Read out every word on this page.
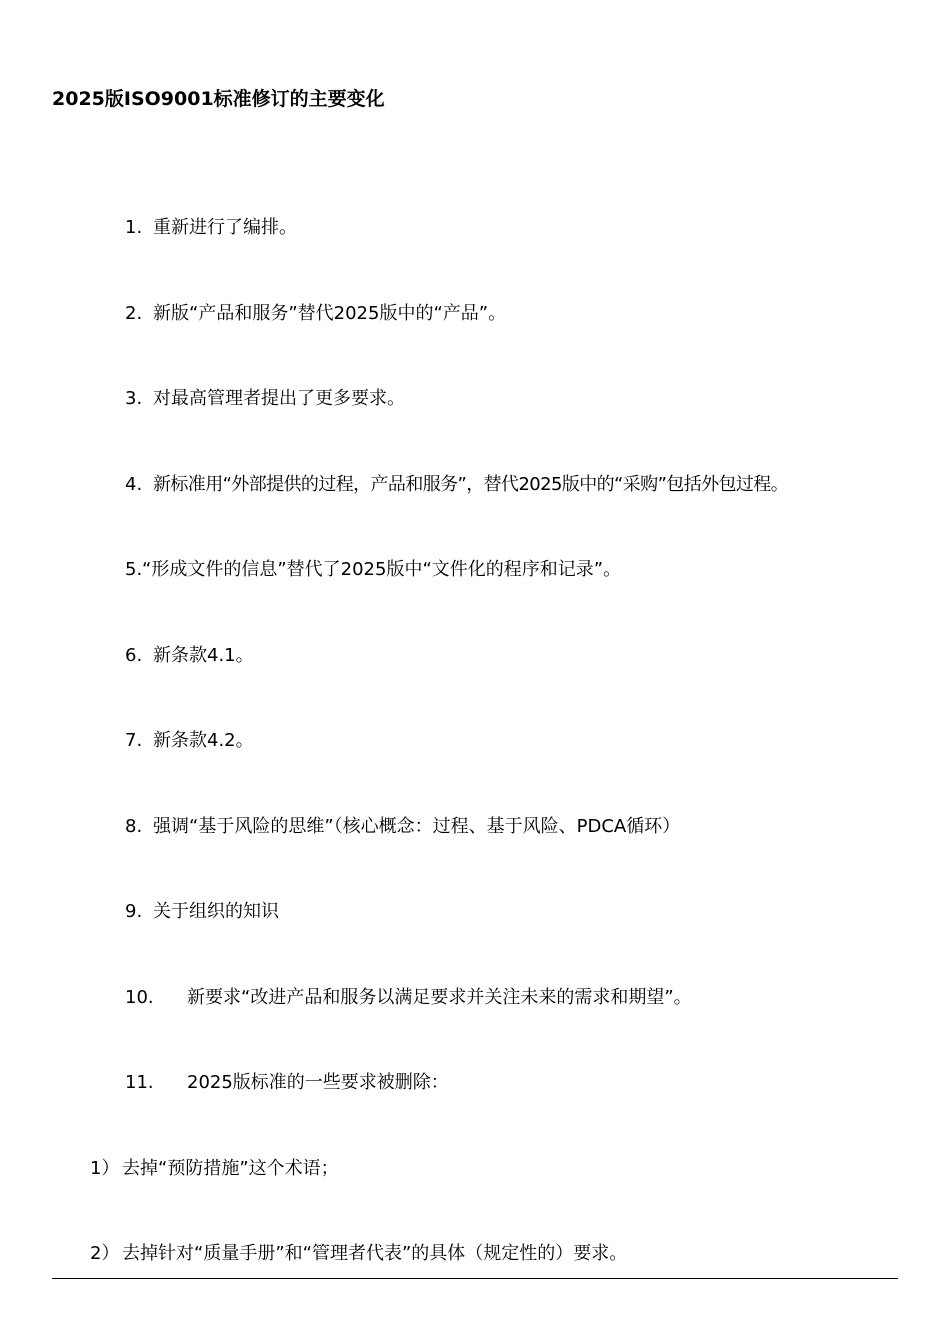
2025版ISO9001标准修订的主要变化
1. 重新进行了编排。
2. 新版“产品和服务”替代2025版中的“产品”。
3. 对最高管理者提出了更多要求。
4. 新标准用“外部提供的过程，产品和服务”，替代2025版中的“采购”包括外包过程。
5.“形成文件的信息”替代了2025版中“文件化的程序和记录”。
6. 新条款4.1。
7. 新条款4.2。
8. 强调“基于风险的思维”（核心概念：过程、基于风险、PDCA循环）
9. 关于组织的知识
10. 新要求“改进产品和服务以满足要求并关注未来的需求和期望”。
11. 2025版标准的一些要求被删除：
1） 去掉“预防措施”这个术语；
2） 去掉针对“质量手册”和“管理者代表”的具体（规定性的）要求。
